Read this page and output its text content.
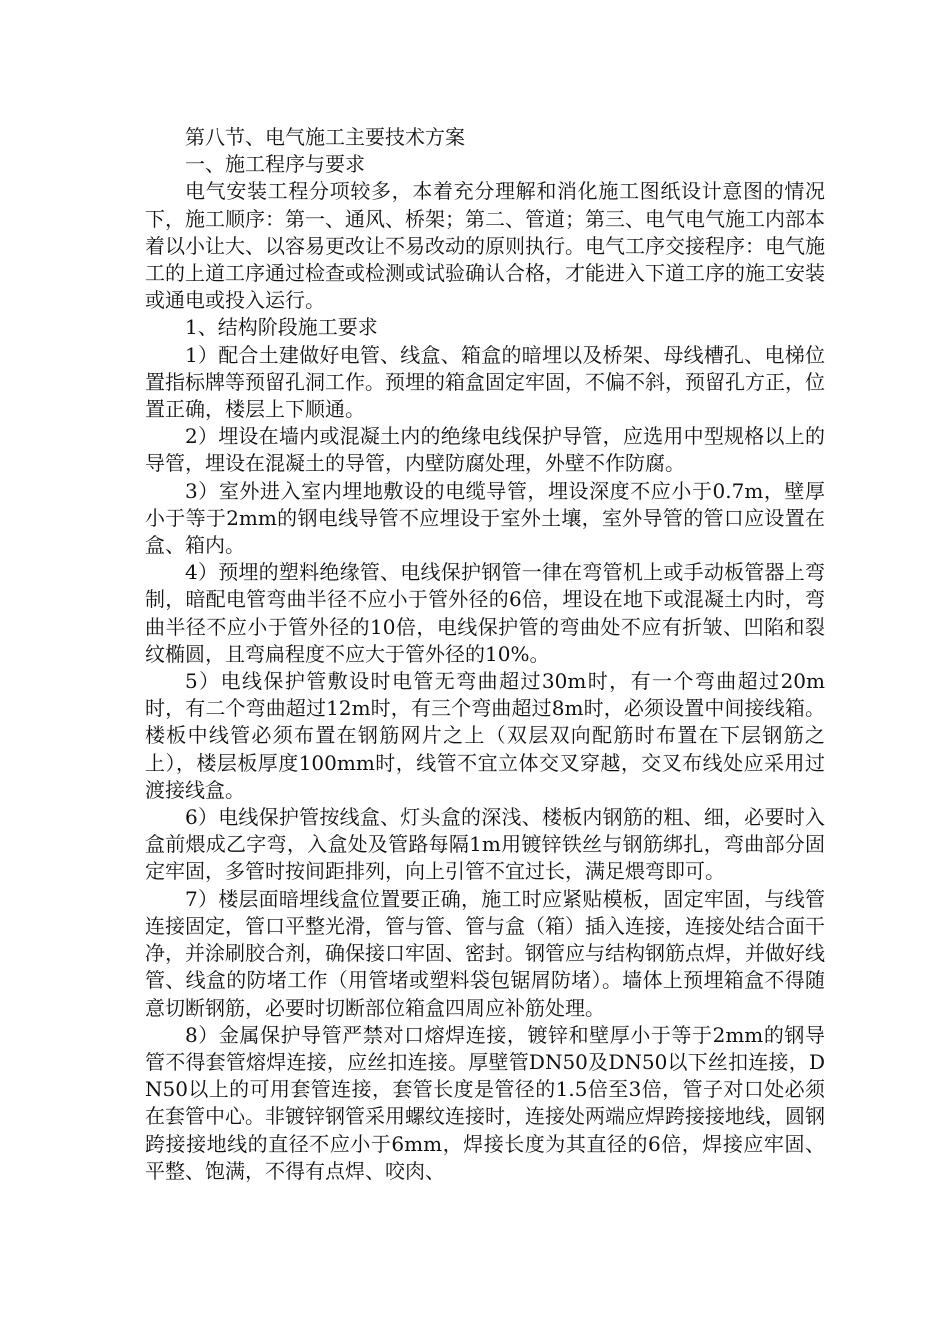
第八节、电气施工主要技术方案

一、施工程序与要求

电气安装工程分项较多，本着充分理解和消化施工图纸设计意图的情况下，施工顺序：第一、通风、桥架；第二、管道；第三、电气电气施工内部本着以小让大、以容易更改让不易改动的原则执行。电气工序交接程序：电气施工的上道工序通过检查或检测或试验确认合格，才能进入下道工序的施工安装或通电或投入运行。

1、结构阶段施工要求

1）配合土建做好电管、线盒、箱盒的暗埋以及桥架、母线槽孔、电梯位置指标牌等预留孔洞工作。预埋的箱盒固定牢固，不偏不斜，预留孔方正，位置正确，楼层上下顺通。

2）埋设在墙内或混凝土内的绝缘电线保护导管，应选用中型规格以上的导管，埋设在混凝土的导管，内壁防腐处理，外壁不作防腐。

3）室外进入室内埋地敷设的电缆导管，埋设深度不应小于0.7m，壁厚小于等于2mm的钢电线导管不应埋设于室外土壤，室外导管的管口应设置在盒、箱内。

4）预埋的塑料绝缘管、电线保护钢管一律在弯管机上或手动板管器上弯制，暗配电管弯曲半径不应小于管外径的6倍，埋设在地下或混凝土内时，弯曲半径不应小于管外径的10倍，电线保护管的弯曲处不应有折皱、凹陷和裂纹椭圆，且弯扁程度不应大于管外径的10%。

5）电线保护管敷设时电管无弯曲超过30m时，有一个弯曲超过20m时，有二个弯曲超过12m时，有三个弯曲超过8m时，必须设置中间接线箱。楼板中线管必须布置在钢筋网片之上（双层双向配筋时布置在下层钢筋之上），楼层板厚度100mm时，线管不宜立体交叉穿越，交叉布线处应采用过渡接线盒。

6）电线保护管按线盒、灯头盒的深浅、楼板内钢筋的粗、细，必要时入盒前煨成乙字弯，入盒处及管路每隔1m用镀锌铁丝与钢筋绑扎，弯曲部分固定牢固，多管时按间距排列，向上引管不宜过长，满足煨弯即可。

7）楼层面暗埋线盒位置要正确，施工时应紧贴模板，固定牢固，与线管连接固定，管口平整光滑，管与管、管与盒（箱）插入连接，连接处结合面干净，并涂刷胶合剂，确保接口牢固、密封。钢管应与结构钢筋点焊，并做好线管、线盒的防堵工作（用管堵或塑料袋包锯屑防堵）。墙体上预埋箱盒不得随意切断钢筋，必要时切断部位箱盒四周应补筋处理。

8）金属保护导管严禁对口熔焊连接，镀锌和壁厚小于等于2mm的钢导管不得套管熔焊连接，应丝扣连接。厚壁管DN50及DN50以下丝扣连接，DN50以上的可用套管连接，套管长度是管径的1.5倍至3倍，管子对口处必须在套管中心。非镀锌钢管采用螺纹连接时，连接处两端应焊跨接接地线，圆钢跨接接地线的直径不应小于6mm，焊接长度为其直径的6倍，焊接应牢固、平整、饱满，不得有点焊、咬肉、
